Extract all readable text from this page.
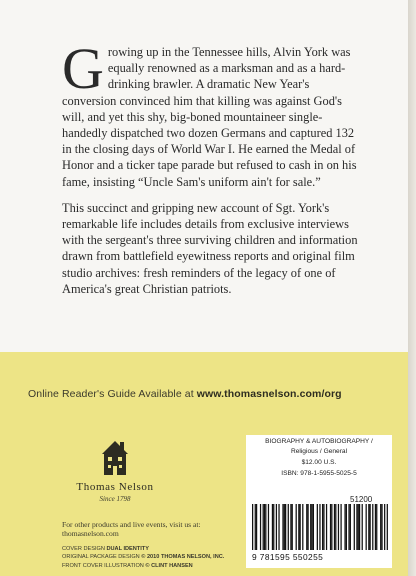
Growing up in the Tennessee hills, Alvin York was equally renowned as a marksman and as a hard-drinking brawler. A dramatic New Year's conversion convinced him that killing was against God's will, and yet this shy, big-boned mountaineer single-handedly dispatched two dozen Germans and captured 132 in the closing days of World War I. He earned the Medal of Honor and a ticker tape parade but refused to cash in on his fame, insisting “Uncle Sam's uniform ain't for sale.”

This succinct and gripping new account of Sgt. York's remarkable life includes details from exclusive interviews with the sergeant's three surviving children and information drawn from battlefield eyewitness reports and original film studio archives: fresh reminders of the legacy of one of America's great Christian patriots.

Online Reader's Guide Available at www.thomasnelson.com/org
Thomas Nelson
Since 1798
For other products and live events, visit us at: thomasnelson.com
COVER DESIGN DUAL IDENTITY
ORIGINAL PACKAGE DESIGN © 2010 THOMAS NELSON, INC.
FRONT COVER ILLUSTRATION © CLINT HANSEN
BIOGRAPHY & AUTOBIOGRAPHY /
Religious / General
$12.00 U.S.
ISBN: 978-1-5955-5025-5
51200
9 781595 550255
